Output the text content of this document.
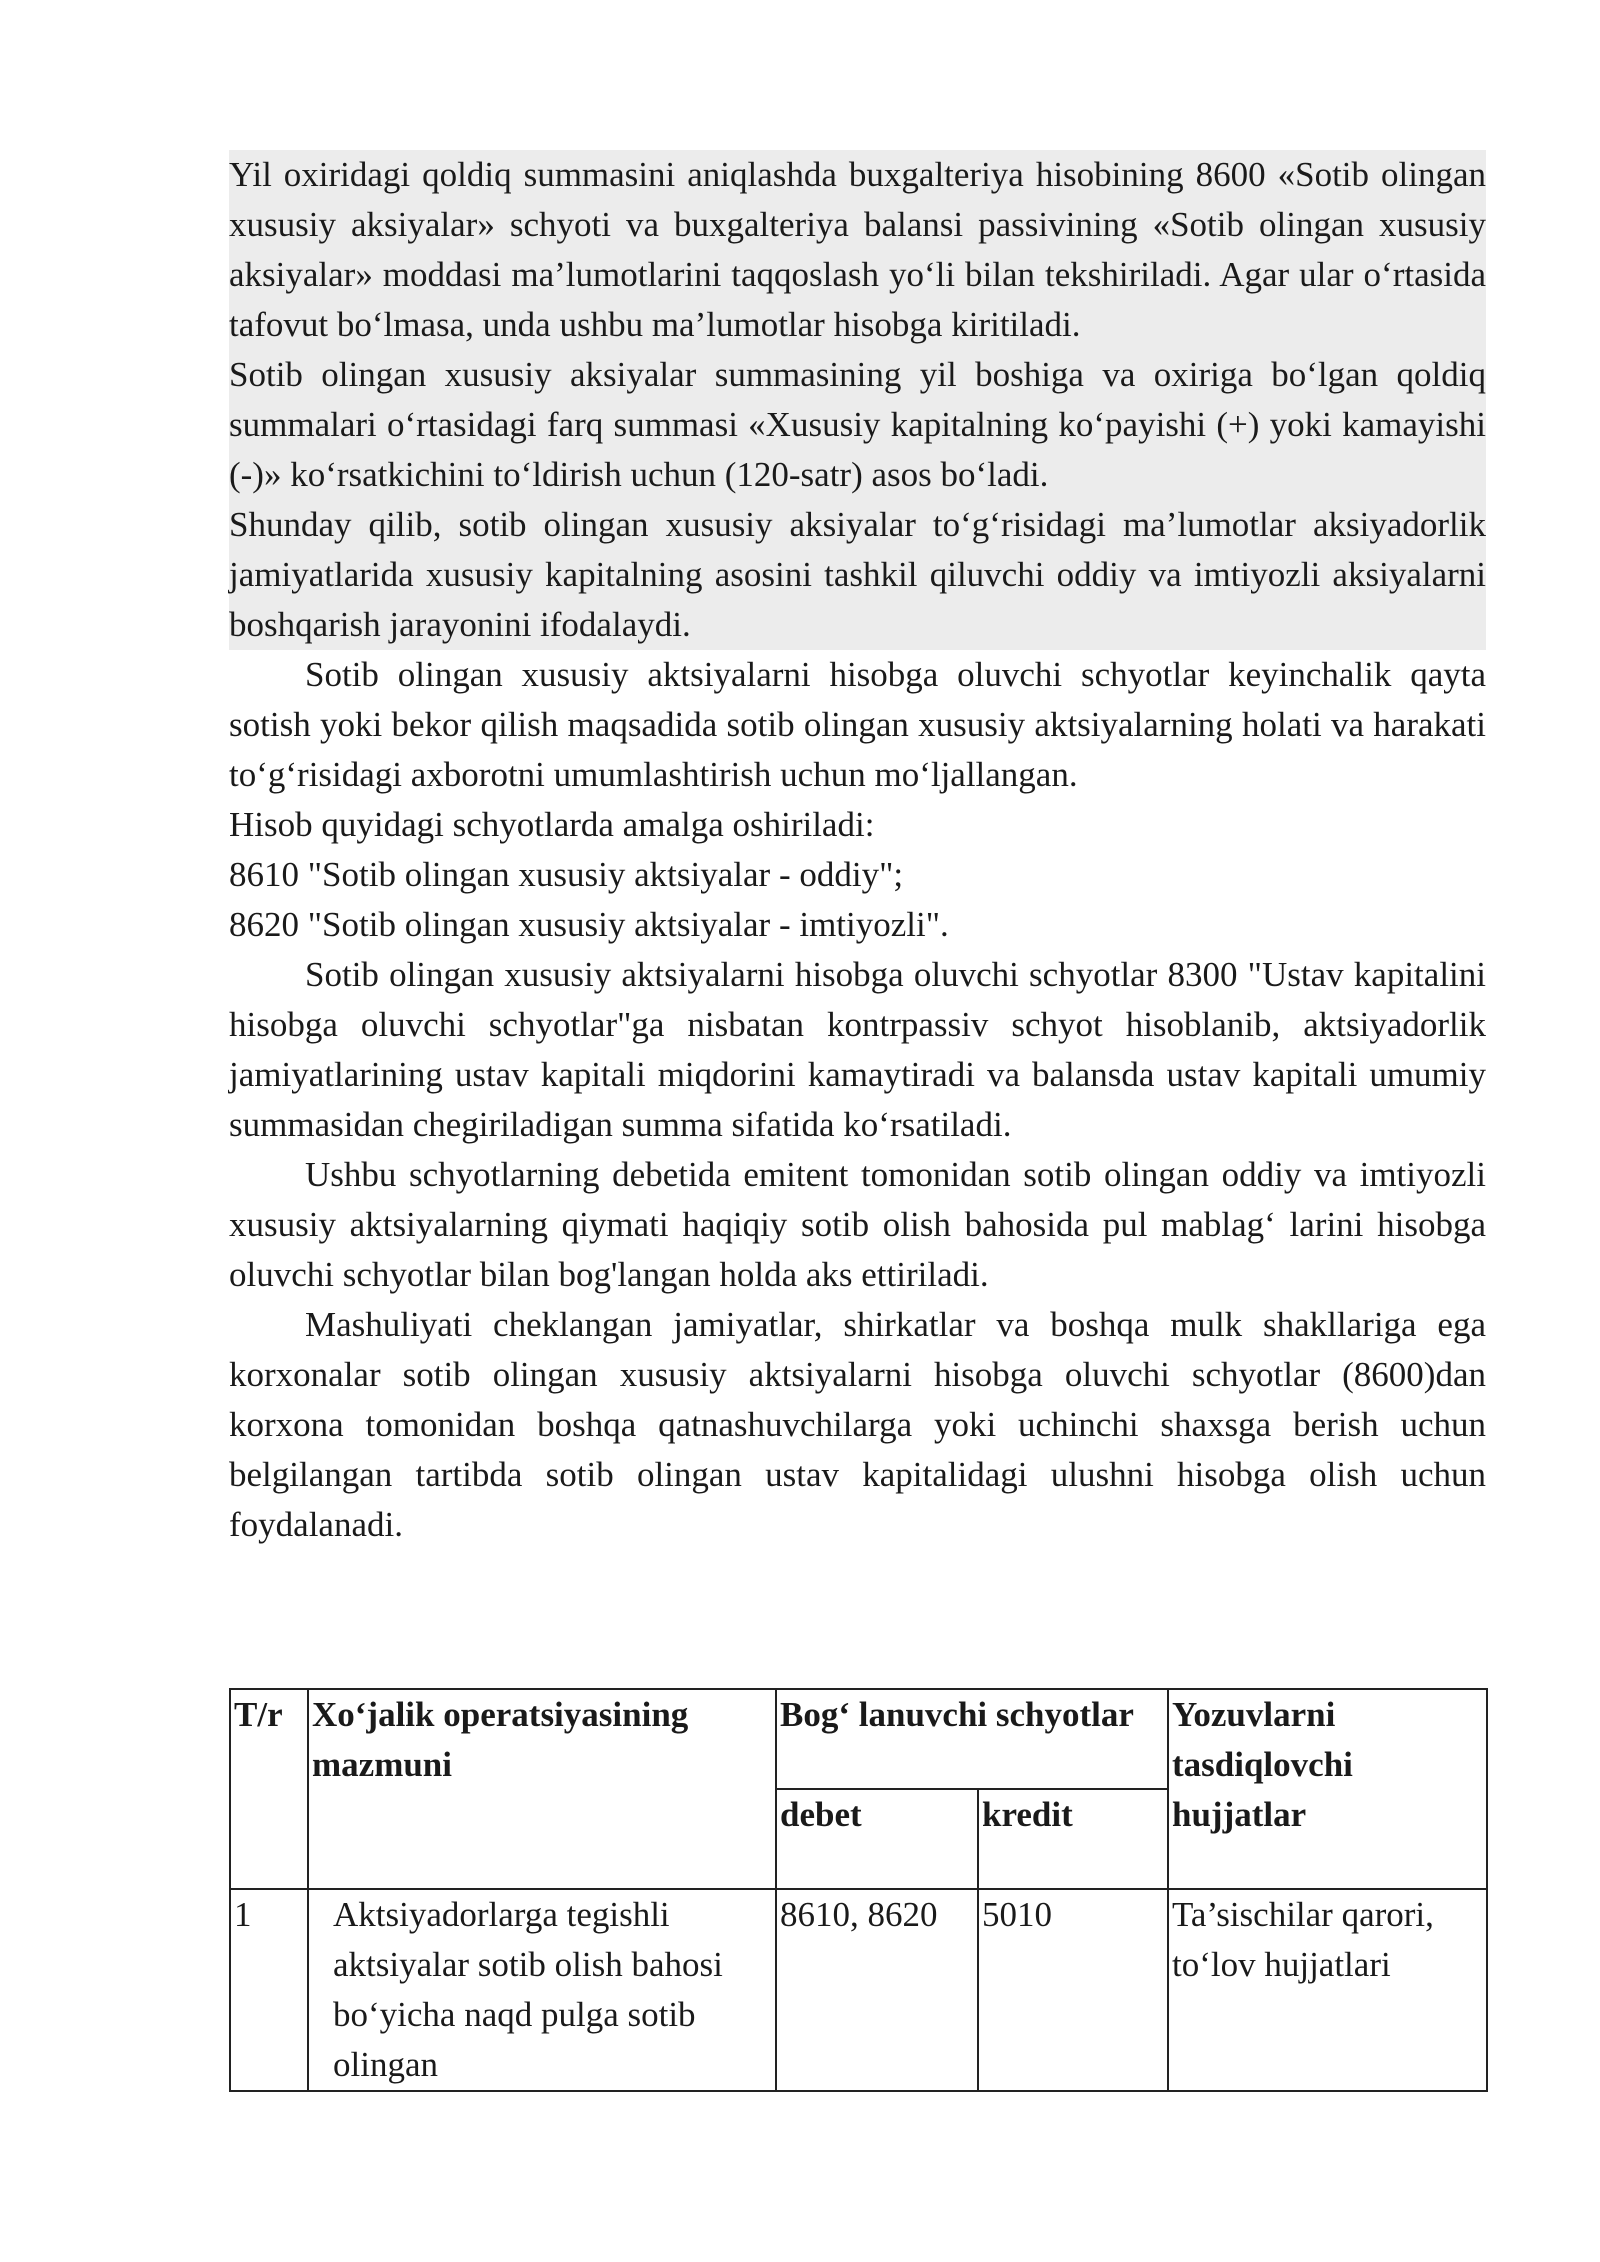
Yil oxiridagi qoldiq summasini aniqlashda buxgalteriya hisobining 8600 «Sotib olingan xususiy aksiyalar» schyoti va buxgalteriya balansi passivining «Sotib olingan xususiy aksiyalar» moddasi ma’lumotlarini taqqoslash yo‘li bilan tekshiriladi. Agar ular o‘rtasida tafovut bo‘lmasa, unda ushbu ma’lumotlar hisobga kiritiladi.

Sotib olingan xususiy aksiyalar summasining yil boshiga va oxiriga bo‘lgan qoldiq summalari o‘rtasidagi farq summasi «Xususiy kapitalning ko‘payishi (+) yoki kamayishi (-)» ko‘rsatkichini to‘ldirish uchun (120-satr) asos bo‘ladi.

Shunday qilib, sotib olingan xususiy aksiyalar to‘g‘risidagi ma’lumotlar aksiyadorlik jamiyatlarida xususiy kapitalning asosini tashkil qiluvchi oddiy va imtiyozli aksiyalarni boshqarish jarayonini ifodalaydi.

Sotib olingan xususiy aktsiyalarni hisobga oluvchi schyotlar keyinchalik qayta sotish yoki bekor qilish maqsadida sotib olingan xususiy aktsiyalarning holati va harakati to‘g‘risidagi axborotni umumlashtirish uchun mo‘ljallangan.

Hisob quyidagi schyotlarda amalga oshiriladi:

8610 "Sotib olingan xususiy aktsiyalar - oddiy";

8620 "Sotib olingan xususiy aktsiyalar - imtiyozli".

Sotib olingan xususiy aktsiyalarni hisobga oluvchi schyotlar 8300 "Ustav kapitalini hisobga oluvchi schyotlar"ga nisbatan kontrpassiv schyot hisoblanib, aktsiyadorlik jamiyatlarining ustav kapitali miqdorini kamaytiradi va balansda ustav kapitali umumiy summasidan chegiriladigan summa sifatida ko‘rsatiladi.

Ushbu schyotlarning debetida emitent tomonidan sotib olingan oddiy va imtiyozli xususiy aktsiyalarning qiymati haqiqiy sotib olish bahosida pul mablag‘ larini hisobga oluvchi schyotlar bilan bog'langan holda aks ettiriladi.

Mashuliyati cheklangan jamiyatlar, shirkatlar va boshqa mulk shakllariga ega korxonalar sotib olingan xususiy aktsiyalarni hisobga oluvchi schyotlar (8600)dan korxona tomonidan boshqa qatnashuvchilarga yoki uchinchi shaxsga berish uchun belgilangan tartibda sotib olingan ustav kapitalidagi ulushni hisobga olish uchun foydalanadi.

T/r	Xo‘jalik operatsiyasining mazmuni	Bog‘ lanuvchi schyotlar		Yozuvlarni tasdiqlovchi hujjatlar
		debet	kredit	
1	Aktsiyadorlarga tegishli aktsiyalar sotib olish bahosi bo‘yicha naqd pulga sotib olingan	8610, 8620	5010	Ta’sischilar qarori, to‘lov hujjatlari
